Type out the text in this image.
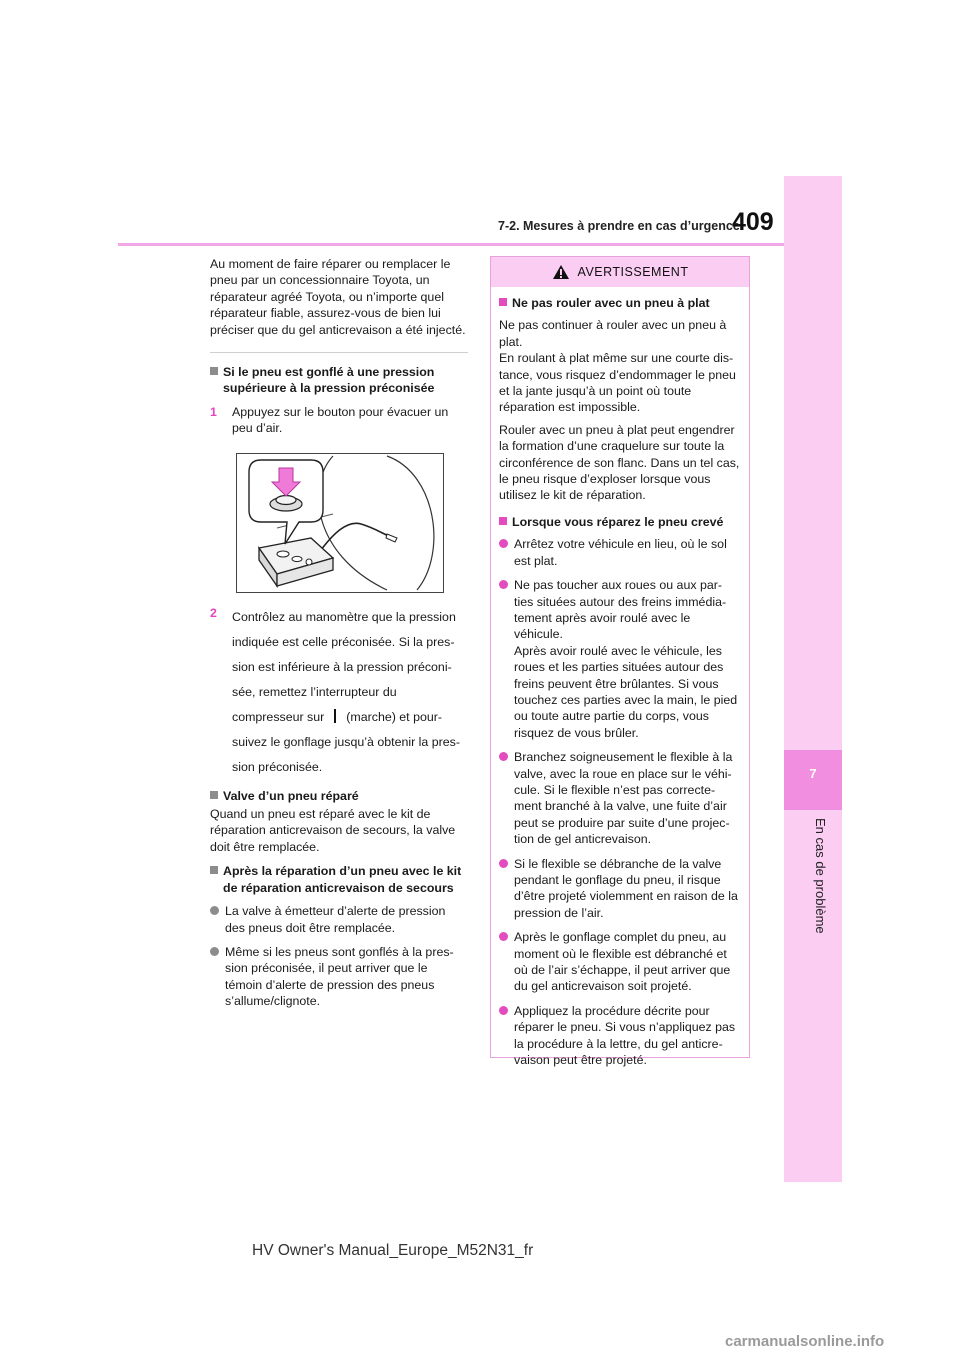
7
En cas de problème
7-2. Mesures à prendre en cas d’urgence
409

Au moment de faire réparer ou remplacer le pneu par un concessionnaire Toyota, un réparateur agréé Toyota, ou n’importe quel réparateur fiable, assurez-vous de bien lui préciser que du gel anticrevaison a été injecté.

Si le pneu est gonflé à une pression supérieure à la pression préconisée
1 Appuyez sur le bouton pour évacuer un peu d’air.
2 Contrôlez au manomètre que la pression

indiquée est celle préconisée. Si la pres-

sion est inférieure à la pression préconi-

sée, remettez l’interrupteur du

compresseur sur (marche) et pour-

suivez le gonflage jusqu’à obtenir la pres-

sion préconisée.

Valve d’un pneu réparé

Quand un pneu est réparé avec le kit de réparation anticrevaison de secours, la valve doit être remplacée.

Après la réparation d’un pneu avec le kit de réparation anticrevaison de secours
La valve à émetteur d’alerte de pression des pneus doit être remplacée.
Même si les pneus sont gonflés à la pres-sion préconisée, il peut arriver que le témoin d’alerte de pression des pneus s’allume/clignote.
AVERTISSEMENT
Ne pas rouler avec un pneu à plat

Ne pas continuer à rouler avec un pneu à plat.
En roulant à plat même sur une courte dis-tance, vous risquez d’endommager le pneu et la jante jusqu’à un point où toute réparation est impossible.

Rouler avec un pneu à plat peut engendrer la formation d’une craquelure sur toute la circonférence de son flanc. Dans un tel cas, le pneu risque d’exploser lorsque vous utilisez le kit de réparation.

Lorsque vous réparez le pneu crevé
Arrêtez votre véhicule en lieu, où le sol est plat.
Ne pas toucher aux roues ou aux par-ties situées autour des freins immédia-tement après avoir roulé avec le véhicule.
Après avoir roulé avec le véhicule, les roues et les parties situées autour des freins peuvent être brûlantes. Si vous touchez ces parties avec la main, le pied ou toute autre partie du corps, vous risquez de vous brûler.
Branchez soigneusement le flexible à la valve, avec la roue en place sur le véhi-cule. Si le flexible n’est pas correcte-ment branché à la valve, une fuite d’air peut se produire par suite d’une projec-tion de gel anticrevaison.
Si le flexible se débranche de la valve pendant le gonflage du pneu, il risque d’être projeté violemment en raison de la pression de l’air.
Après le gonflage complet du pneu, au moment où le flexible est débranché et où de l’air s’échappe, il peut arriver que du gel anticrevaison soit projeté.
Appliquez la procédure décrite pour réparer le pneu. Si vous n’appliquez pas la procédure à la lettre, du gel anticre-vaison peut être projeté.
HV Owner's Manual_Europe_M52N31_fr
carmanualsonline.info
